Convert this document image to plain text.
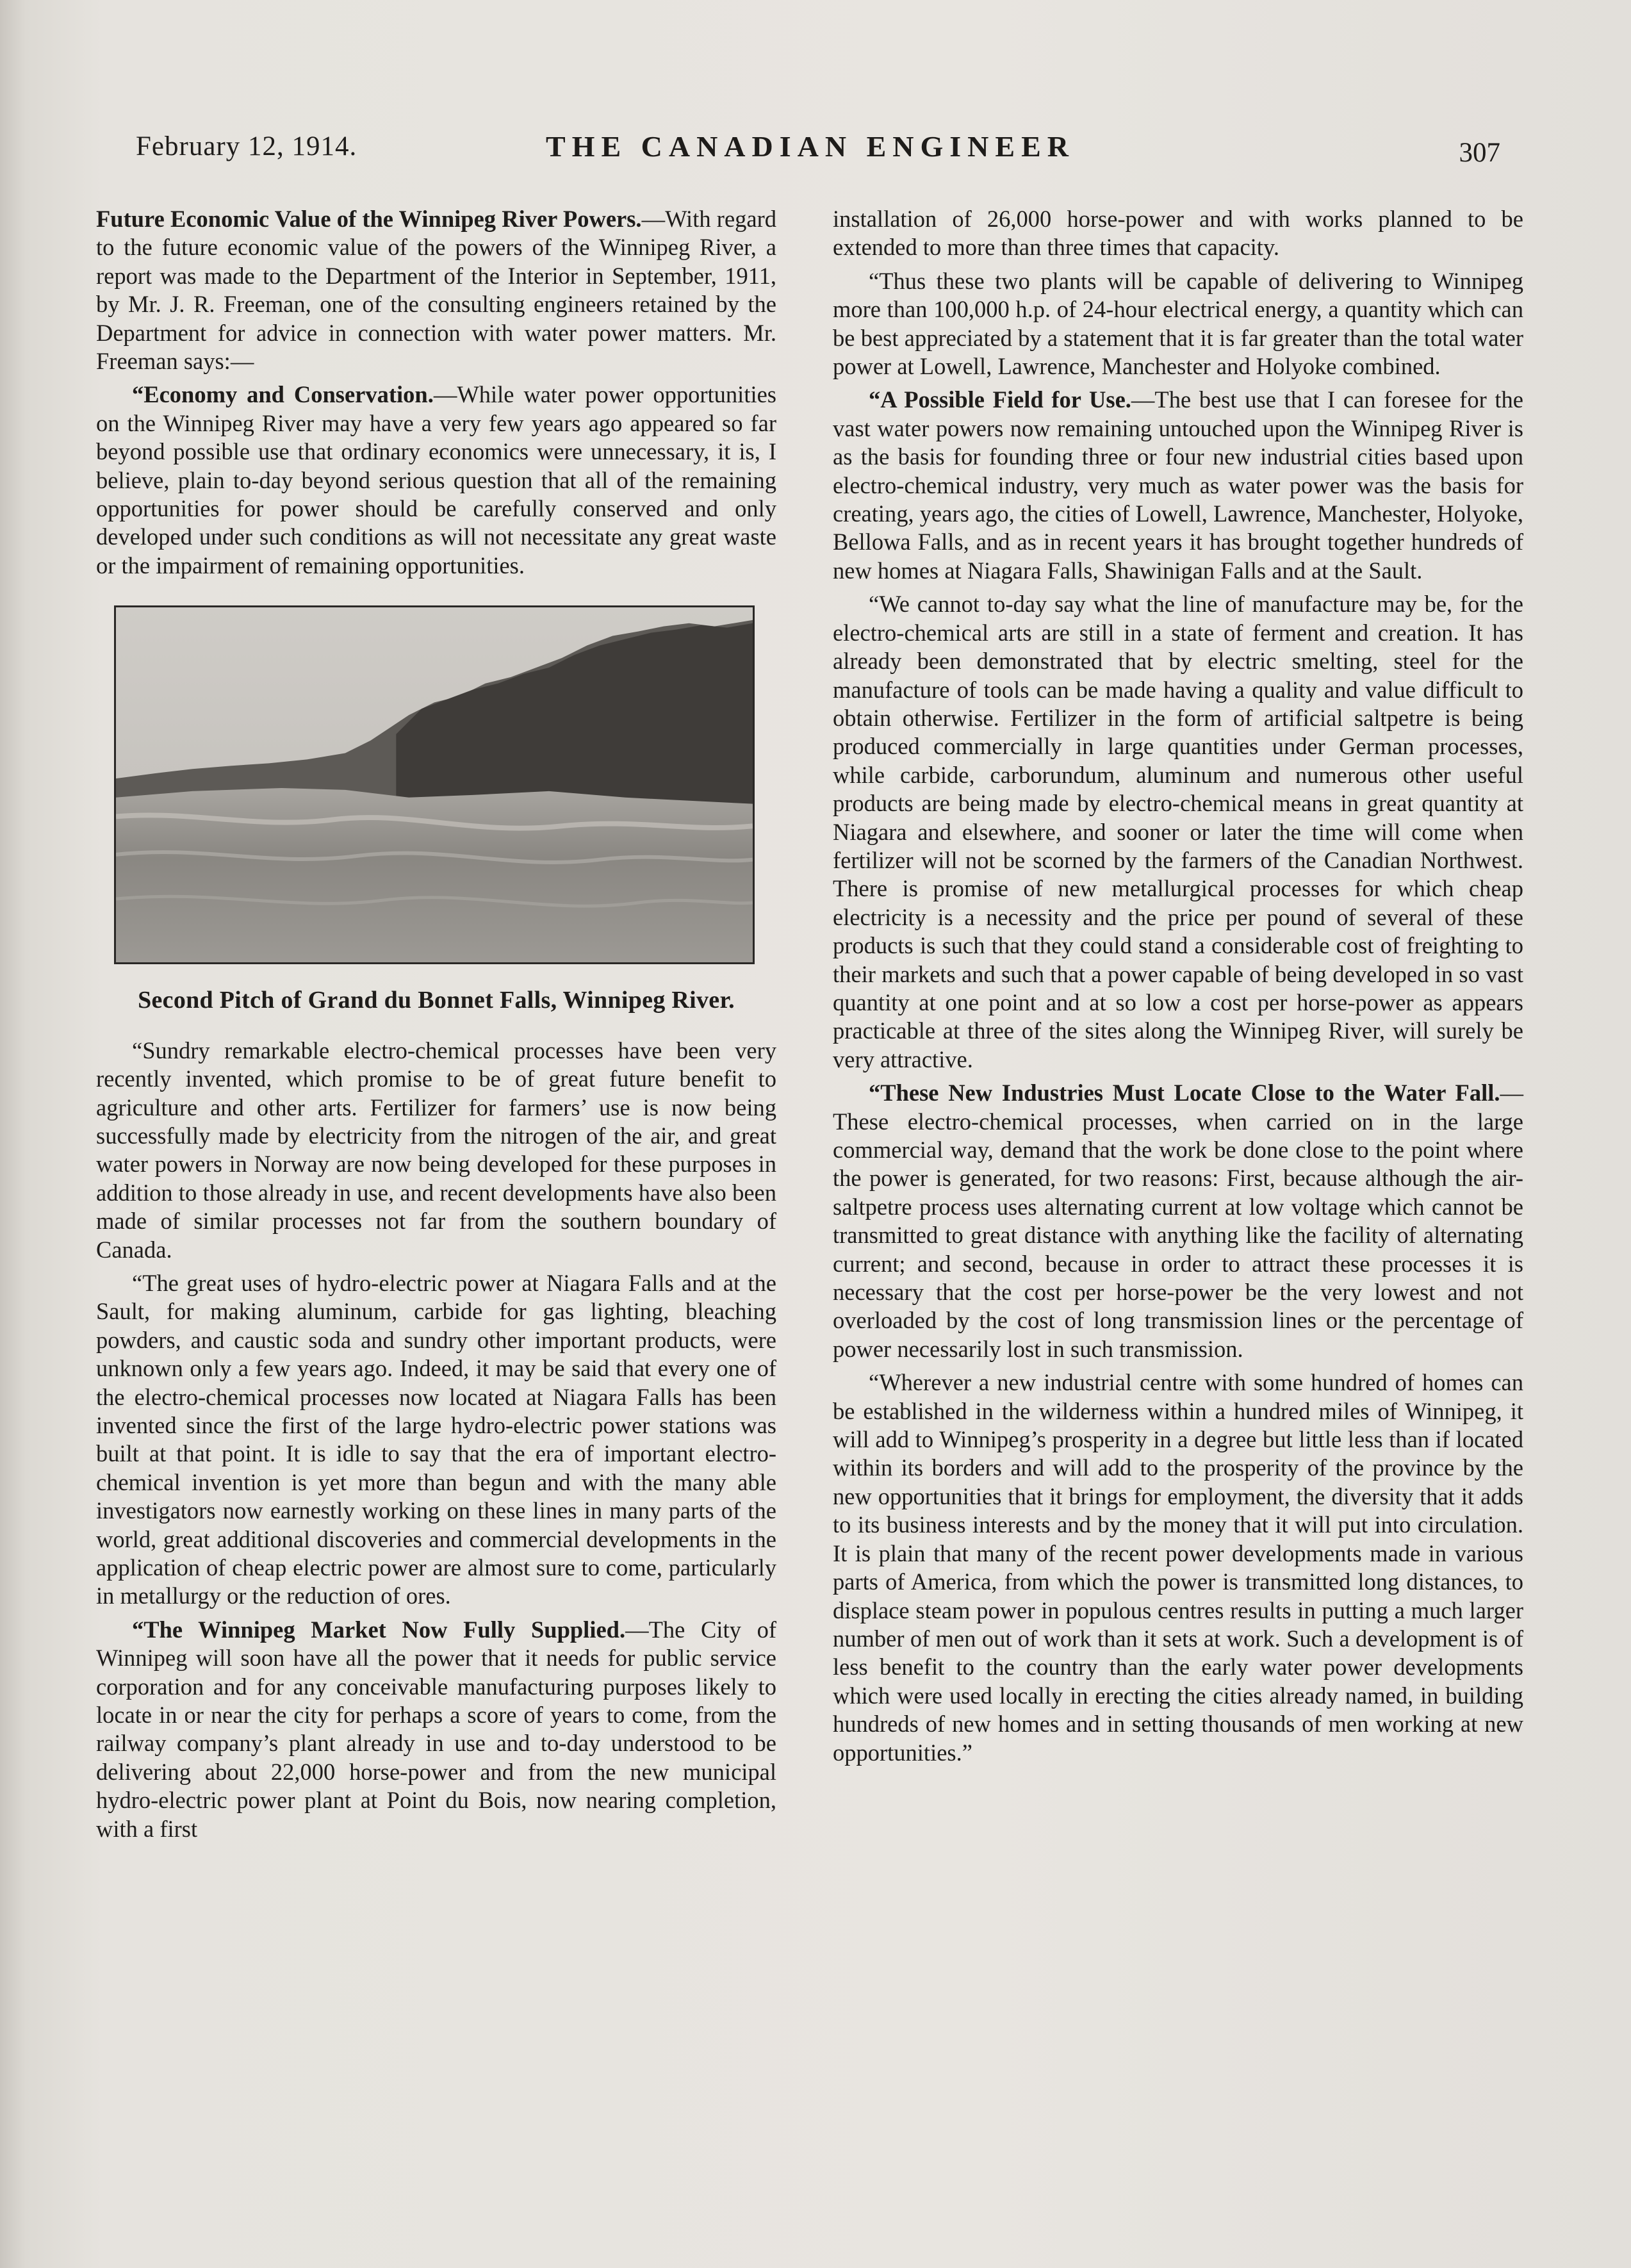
February 12, 1914.	THE CANADIAN ENGINEER	307

Future Economic Value of the Winnipeg River Powers.—With regard to the future economic value of the powers of the Winnipeg River, a report was made to the Department of the Interior in September, 1911, by Mr. J. R. Freeman, one of the consulting engineers retained by the Department for advice in connection with water power matters. Mr. Freeman says:—

“Economy and Conservation.—While water power opportunities on the Winnipeg River may have a very few years ago appeared so far beyond possible use that ordinary economics were unnecessary, it is, I believe, plain to-day beyond serious question that all of the remaining opportunities for power should be carefully conserved and only developed under such conditions as will not necessitate any great waste or the impairment of remaining opportunities.

Second Pitch of Grand du Bonnet Falls, Winnipeg River.

“Sundry remarkable electro-chemical processes have been very recently invented, which promise to be of great future benefit to agriculture and other arts. Fertilizer for farmers’ use is now being successfully made by electricity from the nitrogen of the air, and great water powers in Norway are now being developed for these purposes in addition to those already in use, and recent developments have also been made of similar processes not far from the southern boundary of Canada.

“The great uses of hydro-electric power at Niagara Falls and at the Sault, for making aluminum, carbide for gas lighting, bleaching powders, and caustic soda and sundry other important products, were unknown only a few years ago. Indeed, it may be said that every one of the electro-chemical processes now located at Niagara Falls has been invented since the first of the large hydro-electric power stations was built at that point. It is idle to say that the era of important electro-chemical invention is yet more than begun and with the many able investigators now earnestly working on these lines in many parts of the world, great additional discoveries and commercial developments in the application of cheap electric power are almost sure to come, particularly in metallurgy or the reduction of ores.

“The Winnipeg Market Now Fully Supplied.—The City of Winnipeg will soon have all the power that it needs for public service corporation and for any conceivable manufacturing purposes likely to locate in or near the city for perhaps a score of years to come, from the railway company’s plant already in use and to-day understood to be delivering about 22,000 horse-power and from the new municipal hydro-electric power plant at Point du Bois, now nearing completion, with a first

installation of 26,000 horse-power and with works planned to be extended to more than three times that capacity.

“Thus these two plants will be capable of delivering to Winnipeg more than 100,000 h.p. of 24-hour electrical energy, a quantity which can be best appreciated by a statement that it is far greater than the total water power at Lowell, Lawrence, Manchester and Holyoke combined.

“A Possible Field for Use.—The best use that I can foresee for the vast water powers now remaining untouched upon the Winnipeg River is as the basis for founding three or four new industrial cities based upon electro-chemical industry, very much as water power was the basis for creating, years ago, the cities of Lowell, Lawrence, Manchester, Holyoke, Bellowa Falls, and as in recent years it has brought together hundreds of new homes at Niagara Falls, Shawinigan Falls and at the Sault.

“We cannot to-day say what the line of manufacture may be, for the electro-chemical arts are still in a state of ferment and creation. It has already been demonstrated that by electric smelting, steel for the manufacture of tools can be made having a quality and value difficult to obtain otherwise. Fertilizer in the form of artificial saltpetre is being produced commercially in large quantities under German processes, while carbide, carborundum, aluminum and numerous other useful products are being made by electro-chemical means in great quantity at Niagara and elsewhere, and sooner or later the time will come when fertilizer will not be scorned by the farmers of the Canadian Northwest. There is promise of new metallurgical processes for which cheap electricity is a necessity and the price per pound of several of these products is such that they could stand a considerable cost of freighting to their markets and such that a power capable of being developed in so vast quantity at one point and at so low a cost per horse-power as appears practicable at three of the sites along the Winnipeg River, will surely be very attractive.

“These New Industries Must Locate Close to the Water Fall.—These electro-chemical processes, when carried on in the large commercial way, demand that the work be done close to the point where the power is generated, for two reasons: First, because although the air-saltpetre process uses alternating current at low voltage which cannot be transmitted to great distance with anything like the facility of alternating current; and second, because in order to attract these processes it is necessary that the cost per horse-power be the very lowest and not overloaded by the cost of long transmission lines or the percentage of power necessarily lost in such transmission.

“Wherever a new industrial centre with some hundred of homes can be established in the wilderness within a hundred miles of Winnipeg, it will add to Winnipeg’s prosperity in a degree but little less than if located within its borders and will add to the prosperity of the province by the new opportunities that it brings for employment, the diversity that it adds to its business interests and by the money that it will put into circulation. It is plain that many of the recent power developments made in various parts of America, from which the power is transmitted long distances, to displace steam power in populous centres results in putting a much larger number of men out of work than it sets at work. Such a development is of less benefit to the country than the early water power developments which were used locally in erecting the cities already named, in building hundreds of new homes and in setting thousands of men working at new opportunities.”
